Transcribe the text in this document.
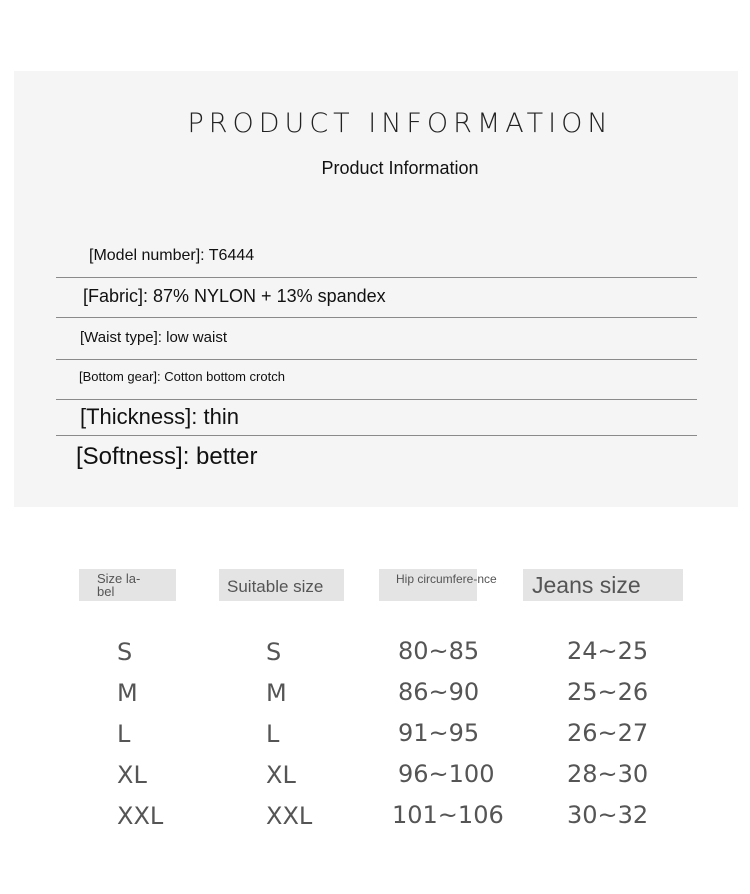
PRODUCT INFORMATION
Product Information
[Model number]: T6444
[Fabric]: 87% NYLON + 13% spandex
[Waist type]: low waist
[Bottom gear]: Cotton bottom crotch
[Thickness]: thin
[Softness]: better
Size la-bel	Suitable size	Hip circumfere-nce	Jeans size
S	S	80~85	24~25
M	M	86~90	25~26
L	L	91~95	26~27
XL	XL	96~100	28~30
XXL	XXL	101~106	30~32
